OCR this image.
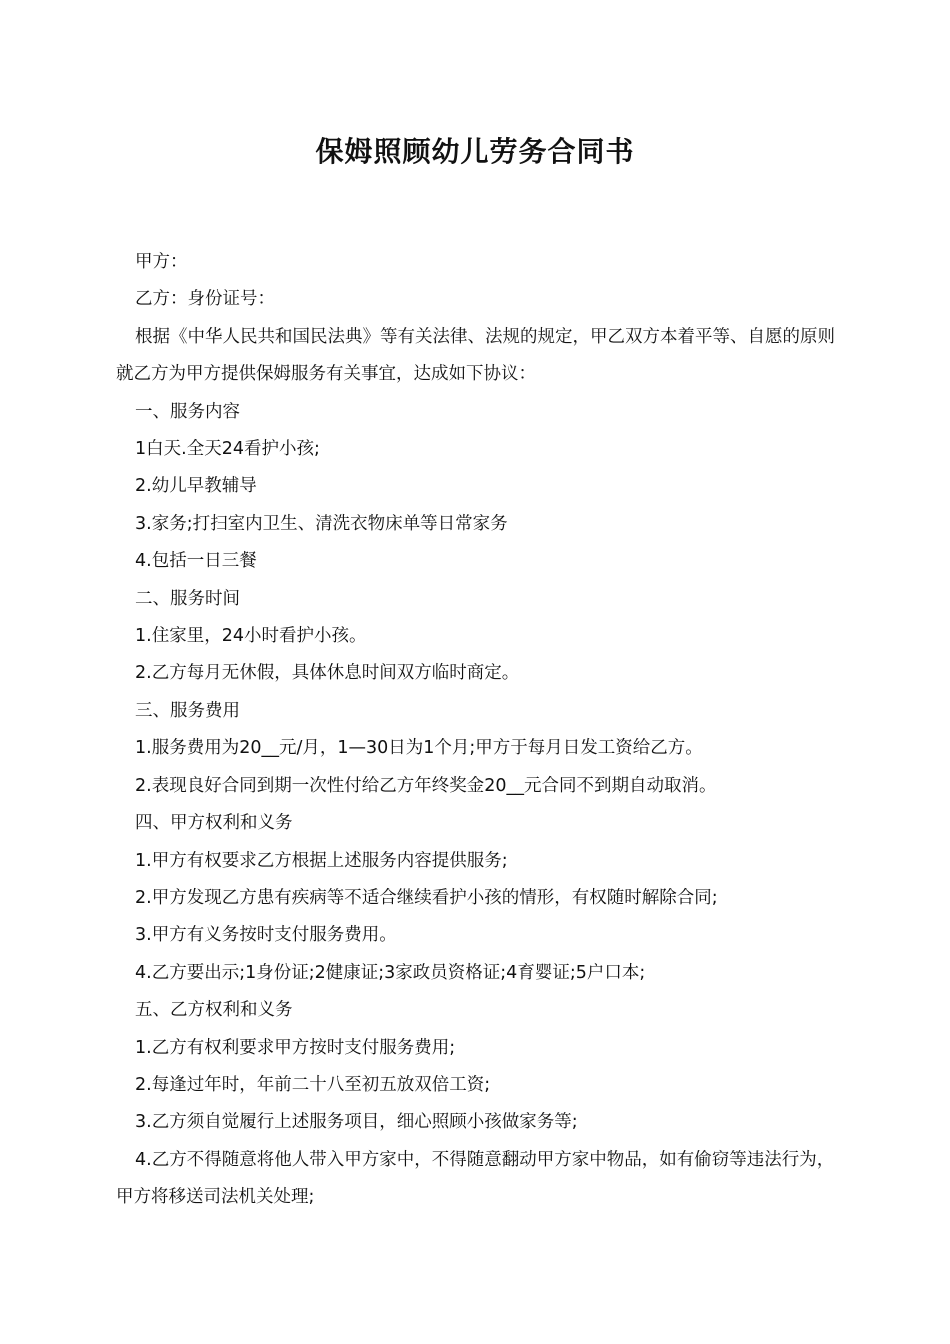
保姆照顾幼儿劳务合同书

甲方：

乙方：身份证号：

根据《中华人民共和国民法典》等有关法律、法规的规定，甲乙双方本着平等、自愿的原则就乙方为甲方提供保姆服务有关事宜，达成如下协议：

一、服务内容

1白天.全天24看护小孩;

2.幼儿早教辅导

3.家务;打扫室内卫生、清洗衣物床单等日常家务

4.包括一日三餐

二、服务时间

1.住家里，24小时看护小孩。

2.乙方每月无休假，具体休息时间双方临时商定。

三、服务费用

1.服务费用为20__元/月，1—30日为1个月;甲方于每月日发工资给乙方。

2.表现良好合同到期一次性付给乙方年终奖金20__元合同不到期自动取消。

四、甲方权利和义务

1.甲方有权要求乙方根据上述服务内容提供服务;

2.甲方发现乙方患有疾病等不适合继续看护小孩的情形，有权随时解除合同;

3.甲方有义务按时支付服务费用。

4.乙方要出示;1身份证;2健康证;3家政员资格证;4育婴证;5户口本;

五、乙方权利和义务

1.乙方有权利要求甲方按时支付服务费用;

2.每逢过年时，年前二十八至初五放双倍工资;

3.乙方须自觉履行上述服务项目，细心照顾小孩做家务等;

4.乙方不得随意将他人带入甲方家中，不得随意翻动甲方家中物品，如有偷窃等违法行为，甲方将移送司法机关处理;
